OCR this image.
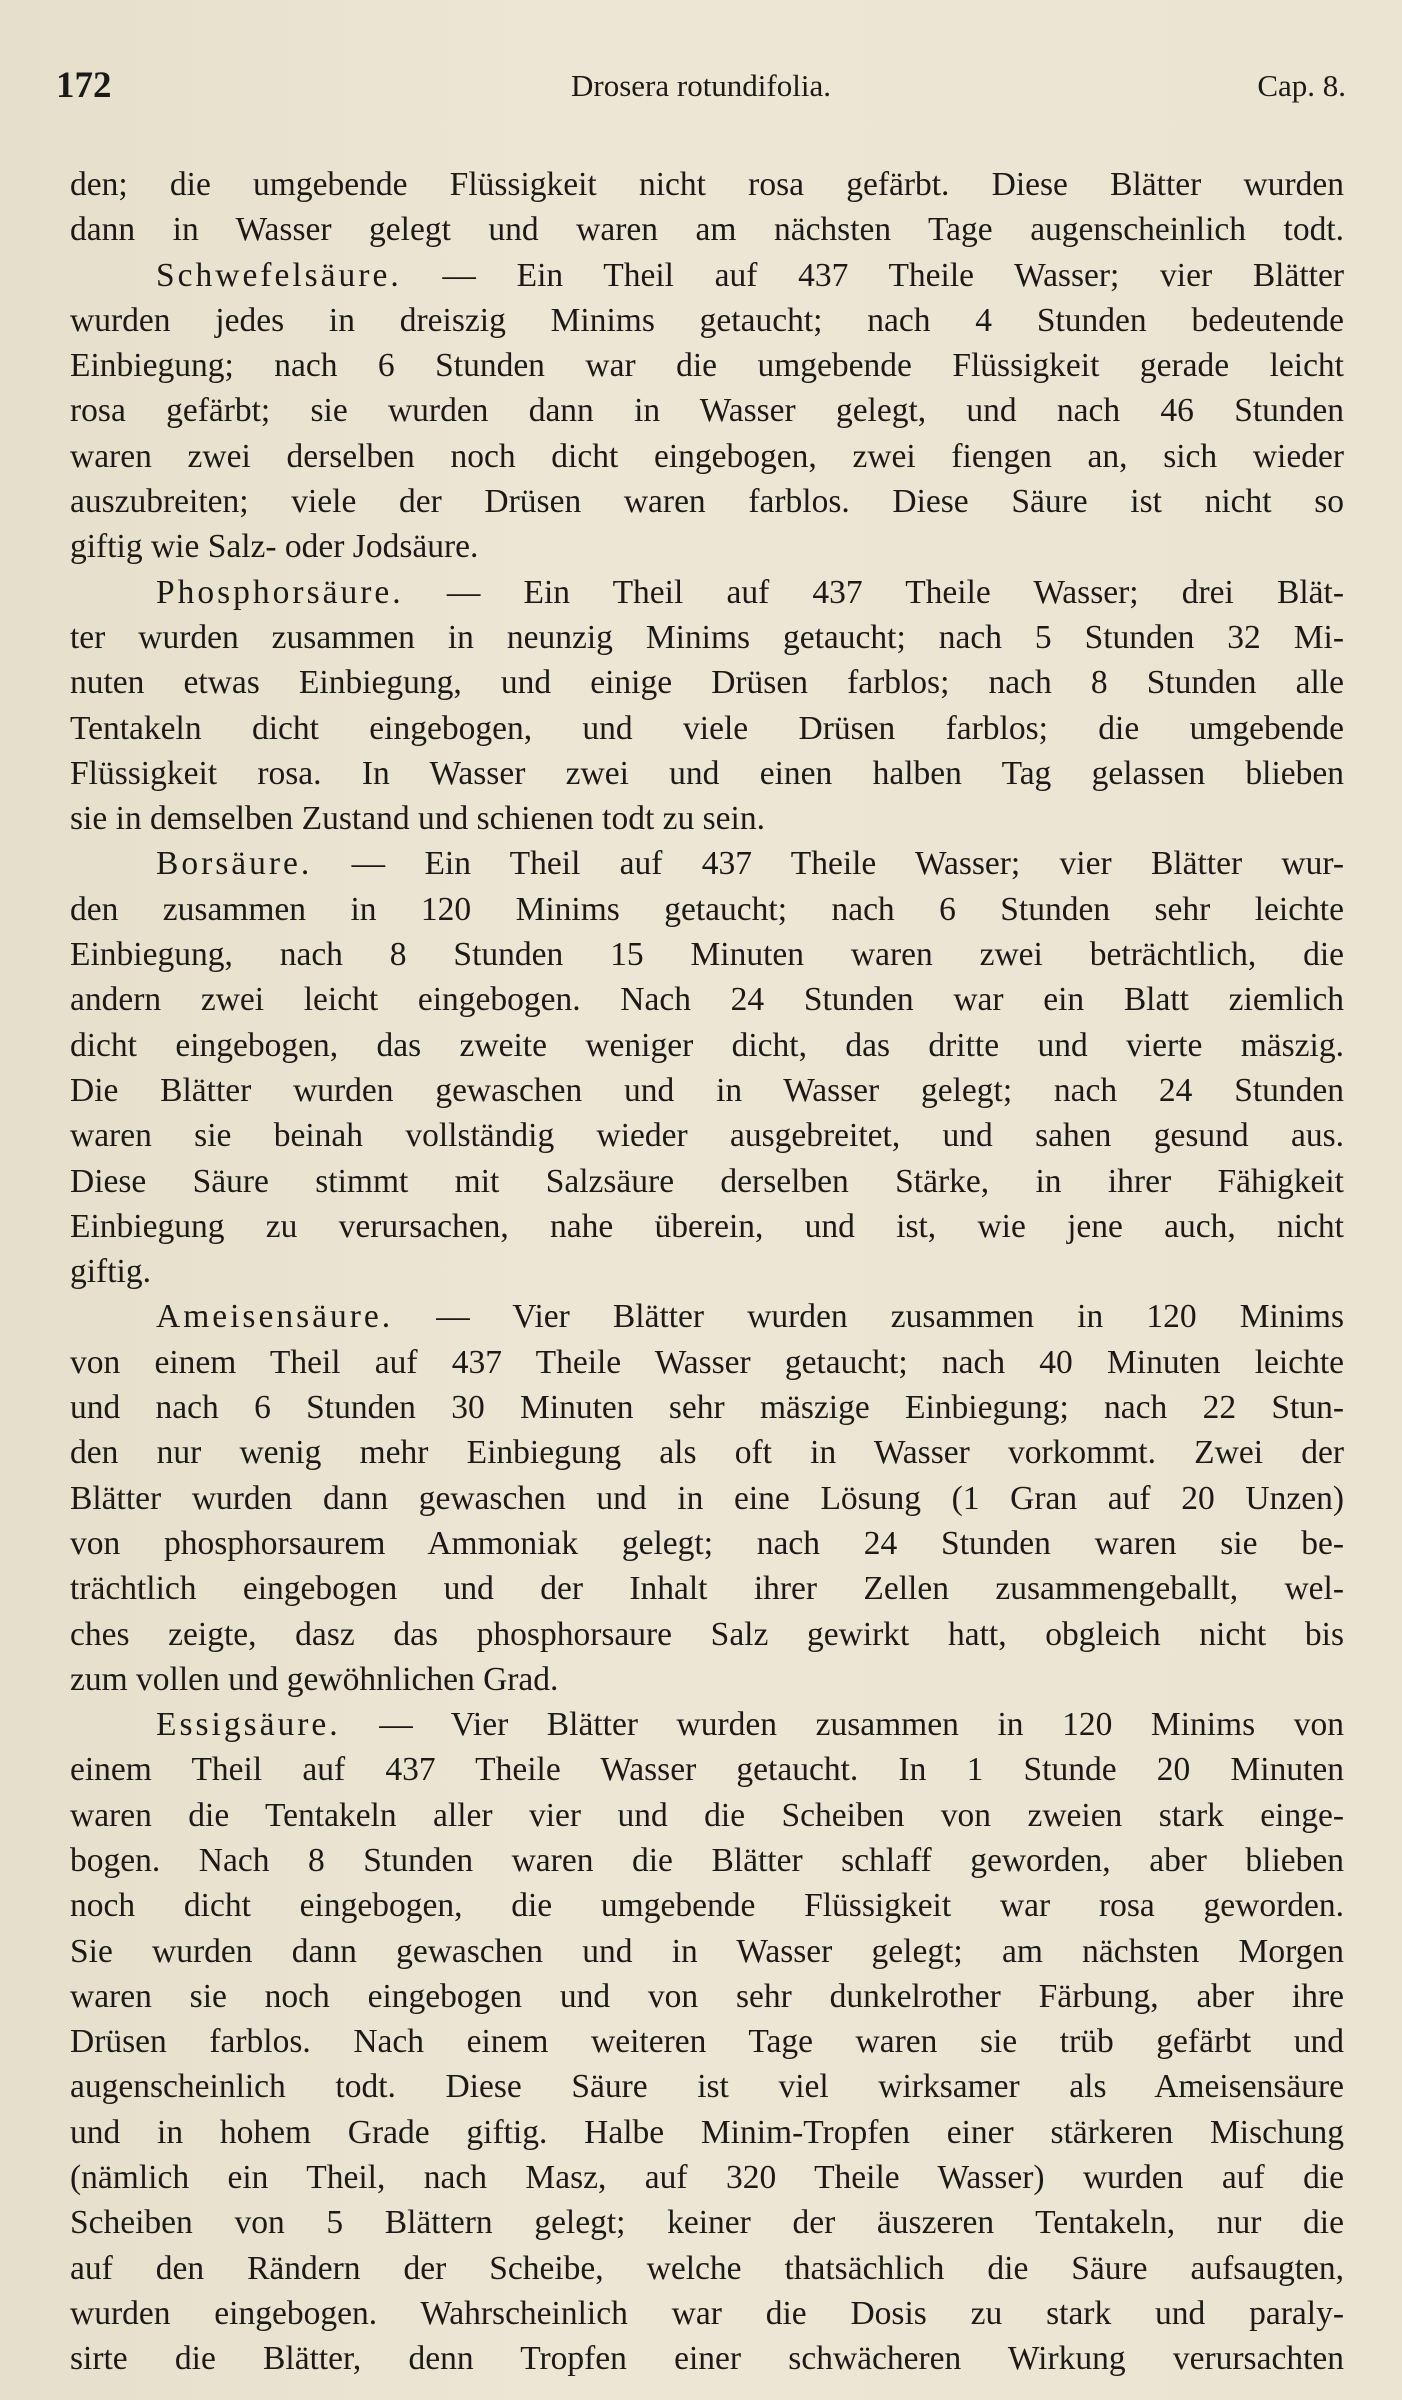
172	Drosera rotundifolia.	Cap. 8.
den; die umgebende Flüssigkeit nicht rosa gefärbt. Diese Blätter wurden
dann in Wasser gelegt und waren am nächsten Tage augenscheinlich todt.
Schwefelsäure. — Ein Theil auf 437 Theile Wasser; vier Blätter
wurden jedes in dreiszig Minims getaucht; nach 4 Stunden bedeutende
Einbiegung; nach 6 Stunden war die umgebende Flüssigkeit gerade leicht
rosa gefärbt; sie wurden dann in Wasser gelegt, und nach 46 Stunden
waren zwei derselben noch dicht eingebogen, zwei fiengen an, sich wieder
auszubreiten; viele der Drüsen waren farblos. Diese Säure ist nicht so
giftig wie Salz- oder Jodsäure.
Phosphorsäure. — Ein Theil auf 437 Theile Wasser; drei Blät-
ter wurden zusammen in neunzig Minims getaucht; nach 5 Stunden 32 Mi-
nuten etwas Einbiegung, und einige Drüsen farblos; nach 8 Stunden alle
Tentakeln dicht eingebogen, und viele Drüsen farblos; die umgebende
Flüssigkeit rosa. In Wasser zwei und einen halben Tag gelassen blieben
sie in demselben Zustand und schienen todt zu sein.
Borsäure. — Ein Theil auf 437 Theile Wasser; vier Blätter wur-
den zusammen in 120 Minims getaucht; nach 6 Stunden sehr leichte
Einbiegung, nach 8 Stunden 15 Minuten waren zwei beträchtlich, die
andern zwei leicht eingebogen. Nach 24 Stunden war ein Blatt ziemlich
dicht eingebogen, das zweite weniger dicht, das dritte und vierte mäszig.
Die Blätter wurden gewaschen und in Wasser gelegt; nach 24 Stunden
waren sie beinah vollständig wieder ausgebreitet, und sahen gesund aus.
Diese Säure stimmt mit Salzsäure derselben Stärke, in ihrer Fähigkeit
Einbiegung zu verursachen, nahe überein, und ist, wie jene auch, nicht
giftig.
Ameisensäure. — Vier Blätter wurden zusammen in 120 Minims
von einem Theil auf 437 Theile Wasser getaucht; nach 40 Minuten leichte
und nach 6 Stunden 30 Minuten sehr mäszige Einbiegung; nach 22 Stun-
den nur wenig mehr Einbiegung als oft in Wasser vorkommt. Zwei der
Blätter wurden dann gewaschen und in eine Lösung (1 Gran auf 20 Unzen)
von phosphorsaurem Ammoniak gelegt; nach 24 Stunden waren sie be-
trächtlich eingebogen und der Inhalt ihrer Zellen zusammengeballt, wel-
ches zeigte, dasz das phosphorsaure Salz gewirkt hatt, obgleich nicht bis
zum vollen und gewöhnlichen Grad.
Essigsäure. — Vier Blätter wurden zusammen in 120 Minims von
einem Theil auf 437 Theile Wasser getaucht. In 1 Stunde 20 Minuten
waren die Tentakeln aller vier und die Scheiben von zweien stark einge-
bogen. Nach 8 Stunden waren die Blätter schlaff geworden, aber blieben
noch dicht eingebogen, die umgebende Flüssigkeit war rosa geworden.
Sie wurden dann gewaschen und in Wasser gelegt; am nächsten Morgen
waren sie noch eingebogen und von sehr dunkelrother Färbung, aber ihre
Drüsen farblos. Nach einem weiteren Tage waren sie trüb gefärbt und
augenscheinlich todt. Diese Säure ist viel wirksamer als Ameisensäure
und in hohem Grade giftig. Halbe Minim-Tropfen einer stärkeren Mischung
(nämlich ein Theil, nach Masz, auf 320 Theile Wasser) wurden auf die
Scheiben von 5 Blättern gelegt; keiner der äuszeren Tentakeln, nur die
auf den Rändern der Scheibe, welche thatsächlich die Säure aufsaugten,
wurden eingebogen. Wahrscheinlich war die Dosis zu stark und paraly-
sirte die Blätter, denn Tropfen einer schwächeren Wirkung verursachten
